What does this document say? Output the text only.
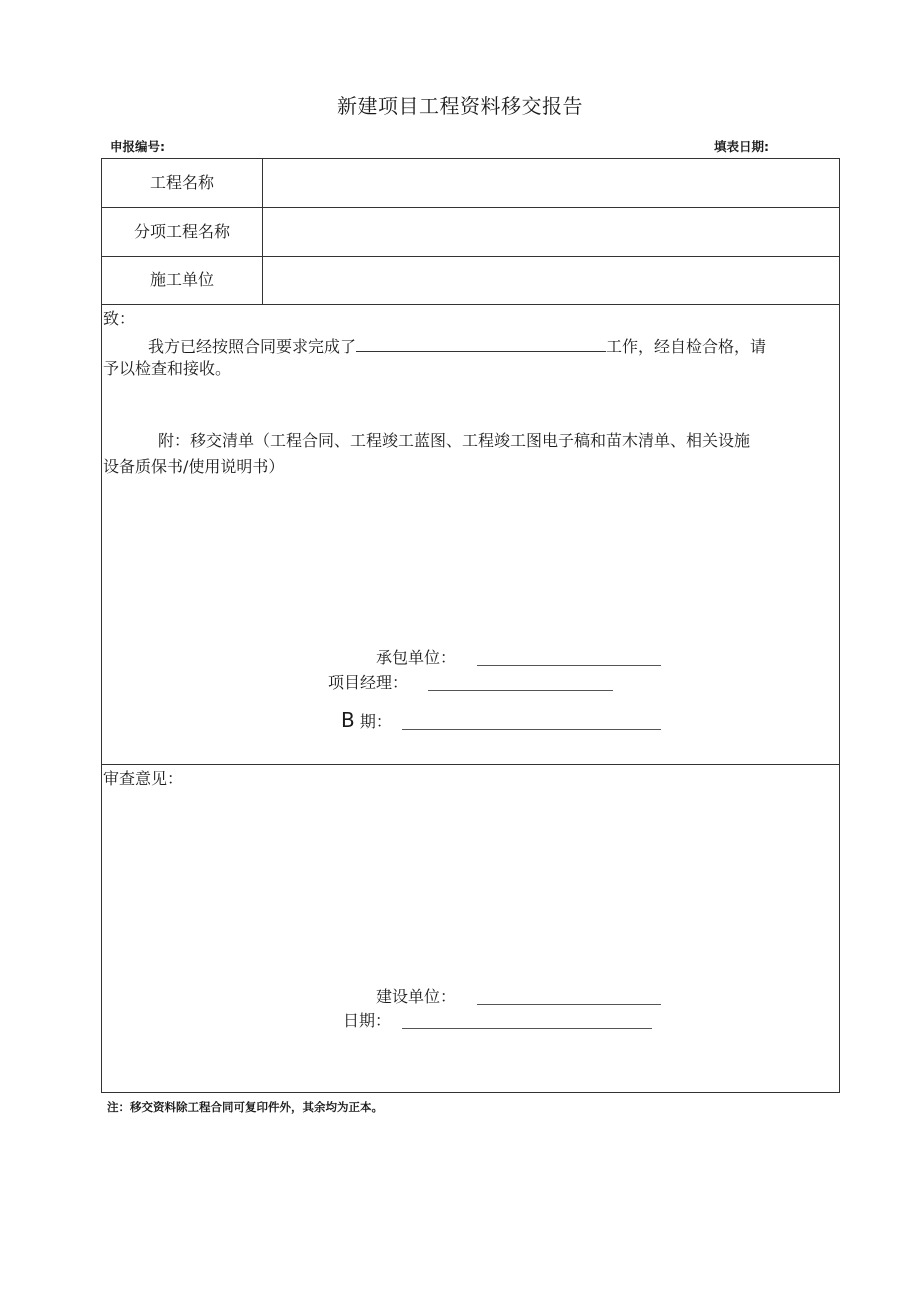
新建项目工程资料移交报告
申报编号:	填表日期:
工程名称
分项工程名称
施工单位
致：
我方已经按照合同要求完成了	工作，经自检合格，请
予以检查和接收。
附：移交清单（工程合同、工程竣工蓝图、工程竣工图电子稿和苗木清单、相关设施
设备质保书/使用说明书）
承包单位：
项目经理：
B 期：
审查意见：
建设单位：
日期：
注：移交资料除工程合同可复印件外，其余均为正本。
